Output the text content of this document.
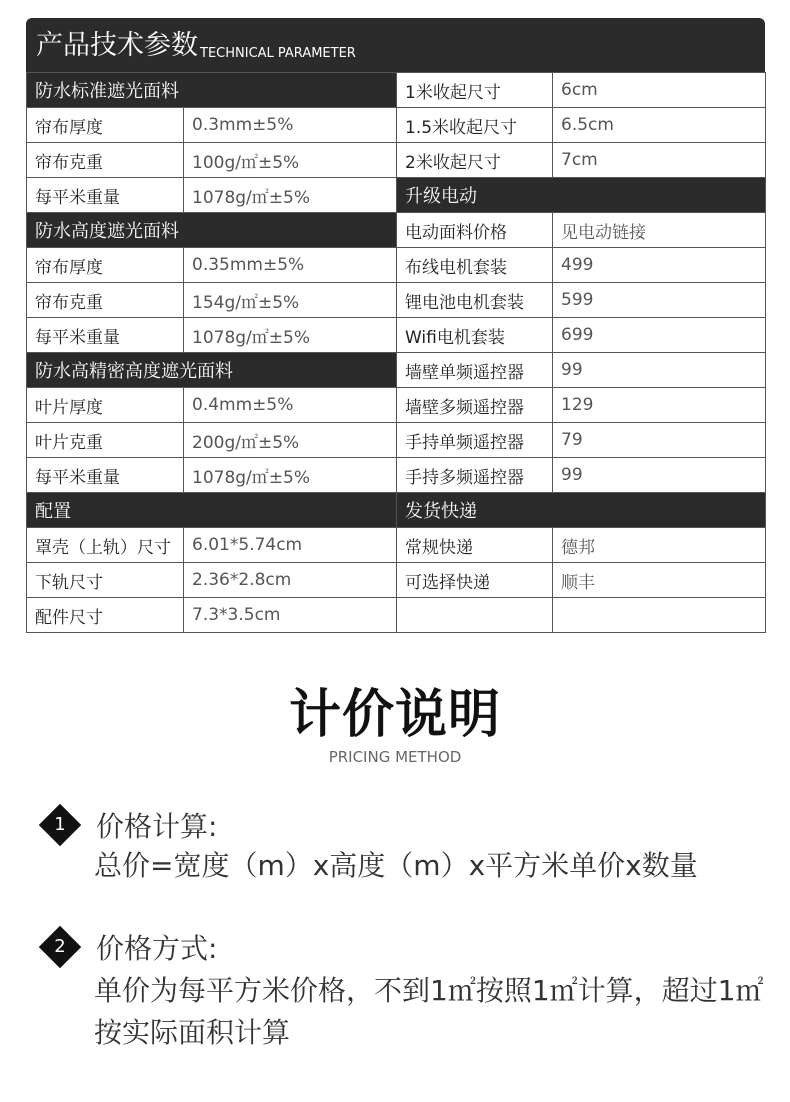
产品技术参数 TECHNICAL PARAMETER
防水标准遮光面料		1米收起尺寸	6cm
帘布厚度	0.3mm±5%	1.5米收起尺寸	6.5cm
帘布克重	100g/㎡±5%	2米收起尺寸	7cm
每平米重量	1078g/㎡±5%	升级电动	
防水高度遮光面料		电动面料价格	见电动链接
帘布厚度	0.35mm±5%	布线电机套装	499
帘布克重	154g/㎡±5%	锂电池电机套装	599
每平米重量	1078g/㎡±5%	Wifi电机套装	699
防水高精密高度遮光面料		墙壁单频遥控器	99
叶片厚度	0.4mm±5%	墙壁多频遥控器	129
叶片克重	200g/㎡±5%	手持单频遥控器	79
每平米重量	1078g/㎡±5%	手持多频遥控器	99
配置		发货快递	
罩壳（上轨）尺寸	6.01*5.74cm	常规快递	德邦
下轨尺寸	2.36*2.8cm	可选择快递	顺丰
配件尺寸	7.3*3.5cm		
计价说明
PRICING METHOD
1	价格计算:
总价=宽度（m）x高度（m）x平方米单价x数量
2	价格方式:
单价为每平方米价格，不到1㎡按照1㎡计算，超过1㎡
按实际面积计算
